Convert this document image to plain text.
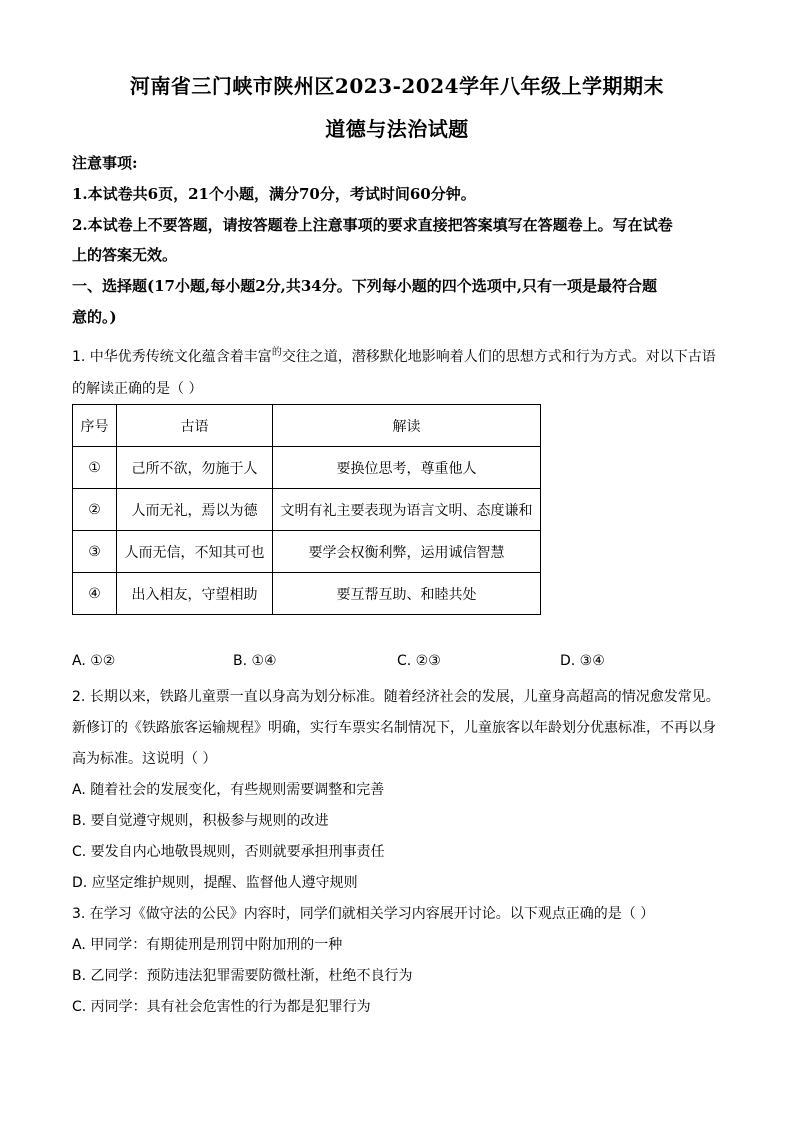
河南省三门峡市陕州区2023-2024学年八年级上学期期末
道德与法治试题
注意事项:
1.本试卷共6页，21个小题，满分70分，考试时间60分钟。
2.本试卷上不要答题，请按答题卷上注意事项的要求直接把答案填写在答题卷上。写在试卷
上的答案无效。
一、选择题(17小题,每小题2分,共34分。下列每小题的四个选项中,只有一项是最符合题
意的。)
1. 中华优秀传统文化蕴含着丰富$^的$交往之道，潜移默化地影响着人们的思想方式和行为方式。对以下古语
的解读正确的是（ ）
序号	古语	解读
①	己所不欲，勿施于人	要换位思考，尊重他人
②	人而无礼，焉以为德	文明有礼主要表现为语言文明、态度谦和
③	人而无信，不知其可也	要学会权衡利弊，运用诚信智慧
④	出入相友，守望相助	要互帮互助、和睦共处
A. ①②	B. ①④	C. ②③	D. ③④
2. 长期以来，铁路儿童票一直以身高为划分标准。随着经济社会的发展，儿童身高超高的情况愈发常见。
新修订的《铁路旅客运输规程》明确，实行车票实名制情况下，儿童旅客以年龄划分优惠标准，不再以身
高为标准。这说明（ ）
A. 随着社会的发展变化，有些规则需要调整和完善
B. 要自觉遵守规则，积极参与规则的改进
C. 要发自内心地敬畏规则，否则就要承担刑事责任
D. 应坚定维护规则，提醒、监督他人遵守规则
3. 在学习《做守法的公民》内容时，同学们就相关学习内容展开讨论。以下观点正确的是（ ）
A. 甲同学：有期徒刑是刑罚中附加刑的一种
B. 乙同学：预防违法犯罪需要防微杜渐，杜绝不良行为
C. 丙同学：具有社会危害性的行为都是犯罪行为
